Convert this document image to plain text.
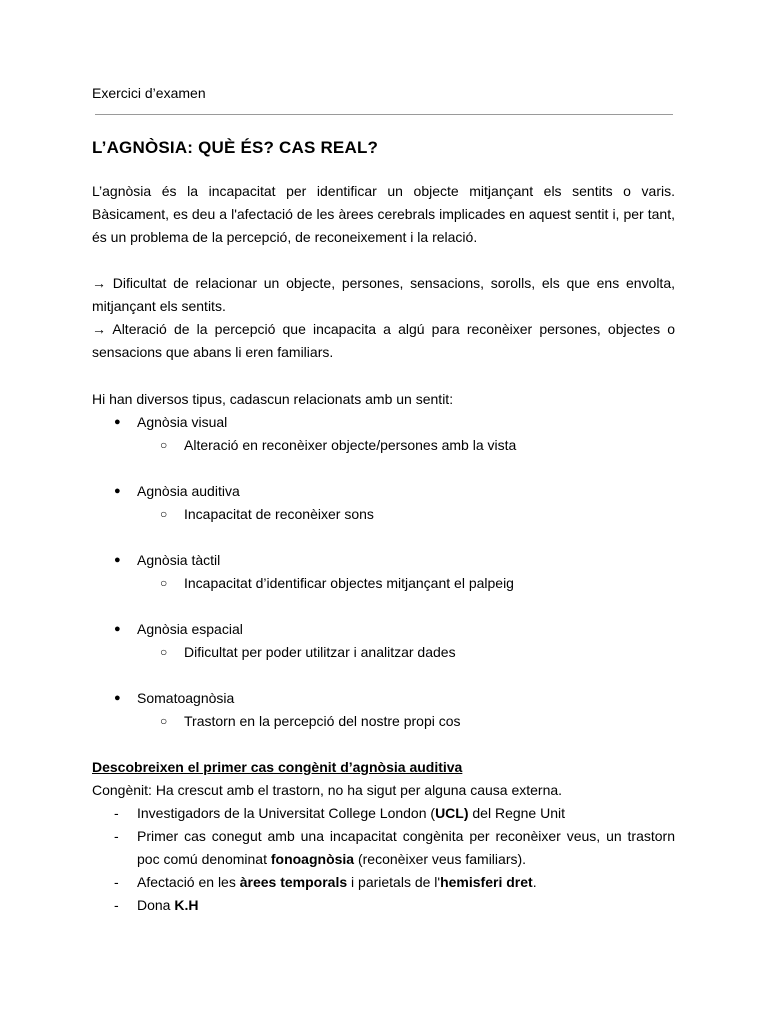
Exercici d’examen
L’AGNÒSIA: QUÈ ÉS? CAS REAL?

L’agnòsia és la incapacitat per identificar un objecte mitjançant els sentits o varis. Bàsicament, es deu a l'afectació de les àrees cerebrals implicades en aquest sentit i, per tant, és un problema de la percepció, de reconeixement i la relació.

→ Dificultat de relacionar un objecte, persones, sensacions, sorolls, els que ens envolta, mitjançant els sentits.
→ Alteració de la percepció que incapacita a algú para reconèixer persones, objectes o sensacions que abans li eren familiars.
Hi han diversos tipus, cadascun relacionats amb un sentit:
●	Agnòsia visual
○ Alteració en reconèixer objecte/persones amb la vista
●	Agnòsia auditiva
○ Incapacitat de reconèixer sons
●	Agnòsia tàctil
○ Incapacitat d’identificar objectes mitjançant el palpeig
●	Agnòsia espacial
○ Dificultat per poder utilitzar i analitzar dades
●	Somatoagnòsia
○ Trastorn en la percepció del nostre propi cos
Descobreixen el primer cas congènit d’agnòsia auditiva
Congènit: Ha crescut amb el trastorn, no ha sigut per alguna causa externa.
- Investigadors de la Universitat College London (UCL) del Regne Unit
- Primer cas conegut amb una incapacitat congènita per reconèixer veus, un trastorn poc comú denominat fonoagnòsia (reconèixer veus familiars).
- Afectació en les àrees temporals i parietals de l'hemisferi dret.
- Dona K.H
